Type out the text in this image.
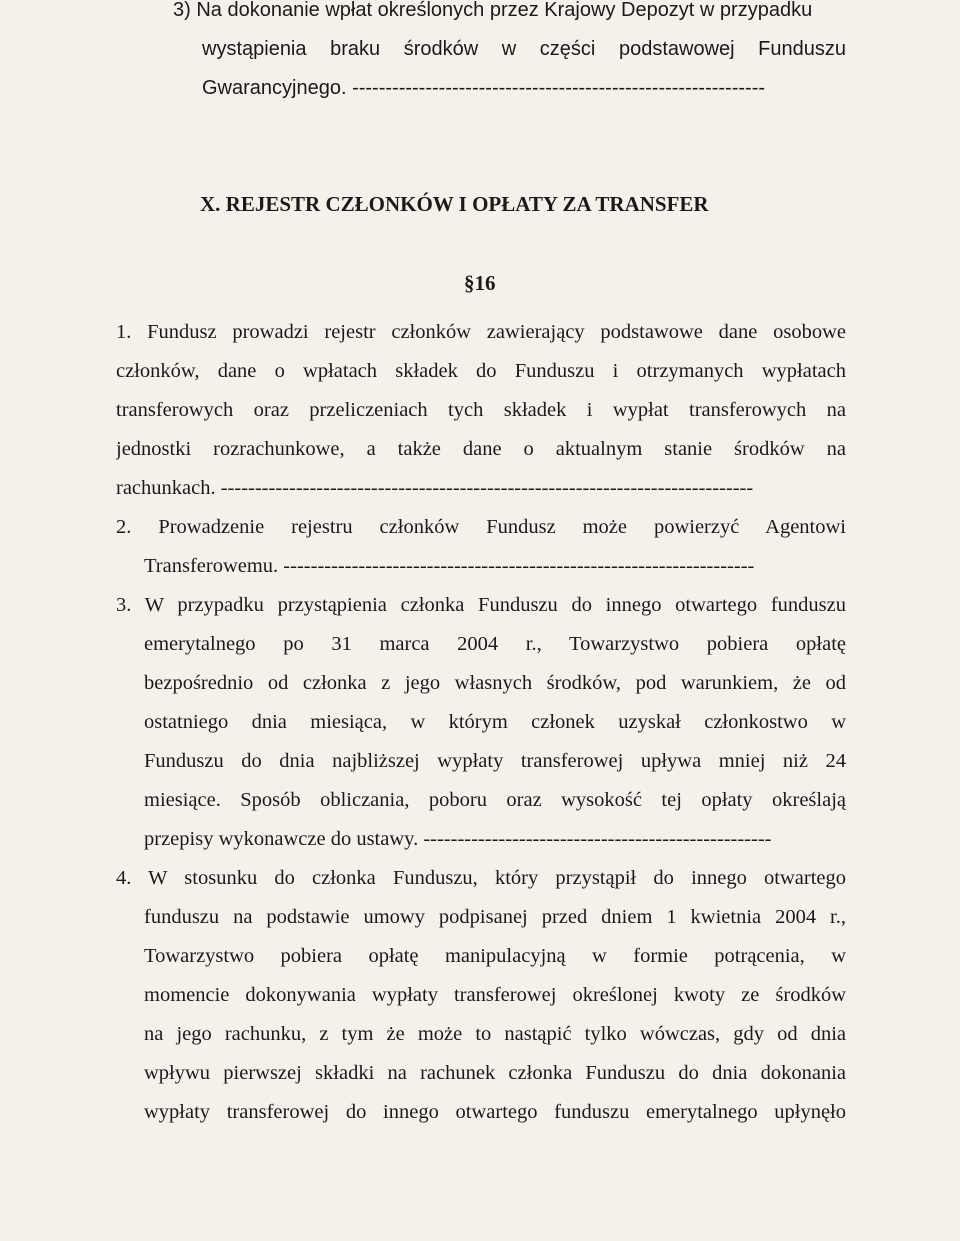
3) Na dokonanie wpłat określonych przez Krajowy Depozyt w przypadku
wystąpienia braku środków w części podstawowej Funduszu
Gwarancyjnego. --------------------------------------------------------------
X. REJESTR CZŁONKÓW I OPŁATY ZA TRANSFER
§16
1. Fundusz prowadzi rejestr członków zawierający podstawowe dane osobowe
członków, dane o wpłatach składek do Funduszu i otrzymanych wypłatach
transferowych oraz przeliczeniach tych składek i wypłat transferowych na
jednostki rozrachunkowe, a także dane o aktualnym stanie środków na
rachunkach. ------------------------------------------------------------------------------
2. Prowadzenie rejestru członków Fundusz może powierzyć Agentowi
Transferowemu. ---------------------------------------------------------------------
3. W przypadku przystąpienia członka Funduszu do innego otwartego funduszu
emerytalnego po 31 marca 2004 r., Towarzystwo pobiera opłatę
bezpośrednio od członka z jego własnych środków, pod warunkiem, że od
ostatniego dnia miesiąca, w którym członek uzyskał członkostwo w
Funduszu do dnia najbliższej wypłaty transferowej upływa mniej niż 24
miesiące. Sposób obliczania, poboru oraz wysokość tej opłaty określają
przepisy wykonawcze do ustawy. ---------------------------------------------------
4. W stosunku do członka Funduszu, który przystąpił do innego otwartego
funduszu na podstawie umowy podpisanej przed dniem 1 kwietnia 2004 r.,
Towarzystwo pobiera opłatę manipulacyjną w formie potrącenia, w
momencie dokonywania wypłaty transferowej określonej kwoty ze środków
na jego rachunku, z tym że może to nastąpić tylko wówczas, gdy od dnia
wpływu pierwszej składki na rachunek członka Funduszu do dnia dokonania
wypłaty transferowej do innego otwartego funduszu emerytalnego upłynęło
